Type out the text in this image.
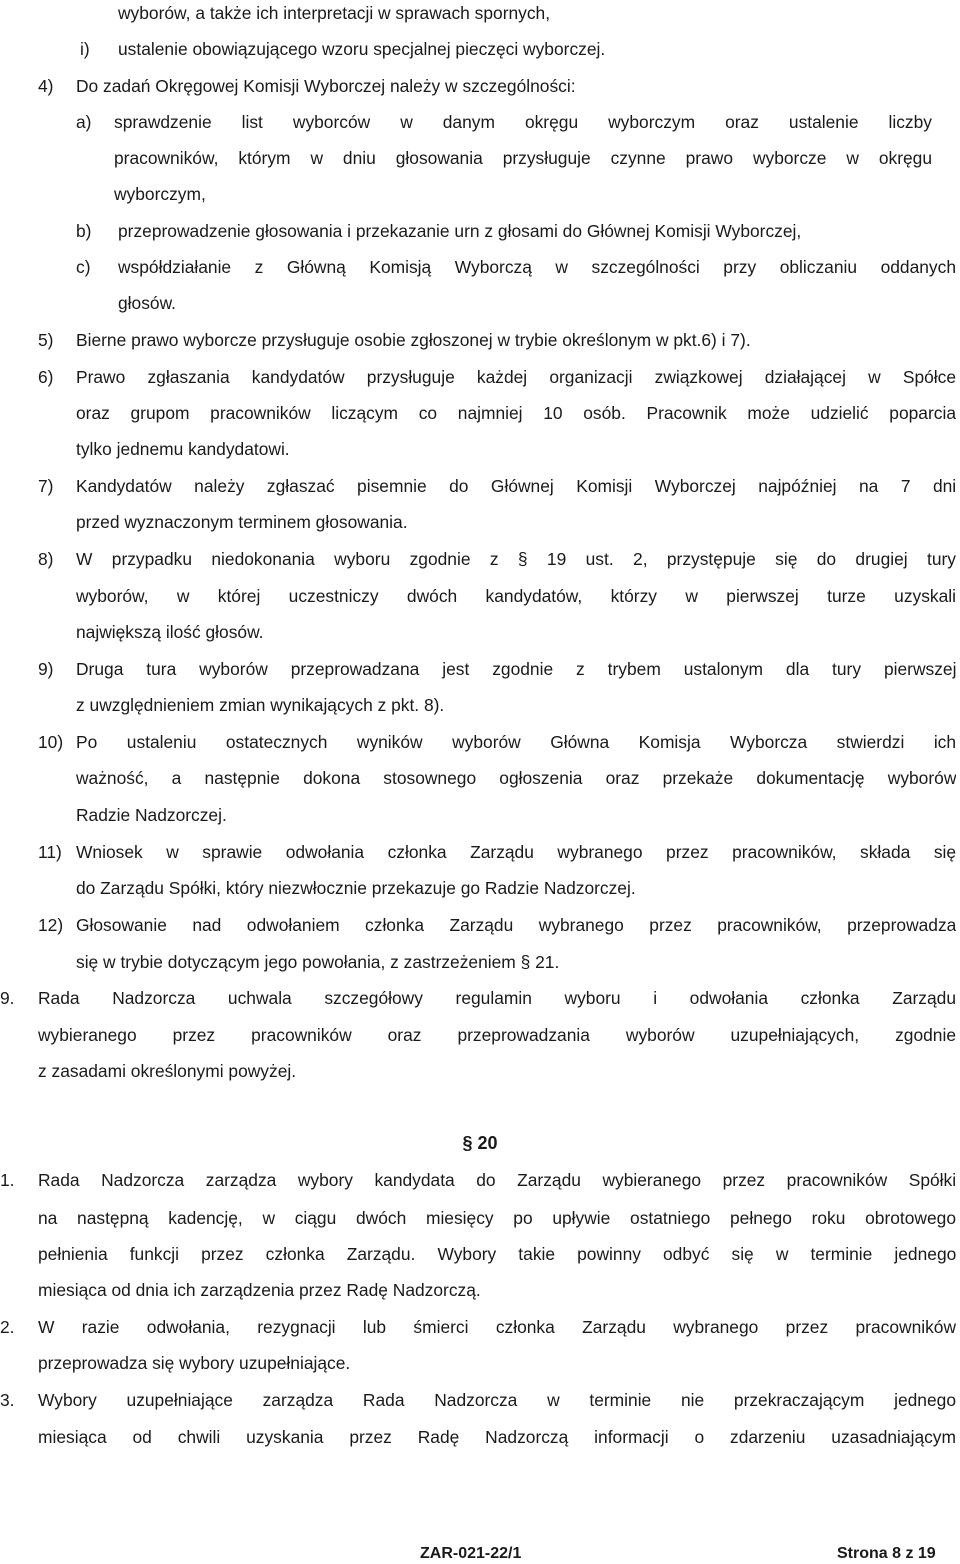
wyborów, a także ich interpretacji w sprawach spornych,
i) ustalenie obowiązującego wzoru specjalnej pieczęci wyborczej.
4) Do zadań Okręgowej Komisji Wyborczej należy w szczególności:
a) sprawdzenie list wyborców w danym okręgu wyborczym oraz ustalenie liczby
pracowników, którym w dniu głosowania przysługuje czynne prawo wyborcze w okręgu
wyborczym,
b) przeprowadzenie głosowania i przekazanie urn z głosami do Głównej Komisji Wyborczej,
c) współdziałanie z Główną Komisją Wyborczą w szczególności przy obliczaniu oddanych
głosów.
5) Bierne prawo wyborcze przysługuje osobie zgłoszonej w trybie określonym w pkt.6) i 7).
6) Prawo zgłaszania kandydatów przysługuje każdej organizacji związkowej działającej w Spółce
oraz grupom pracowników liczącym co najmniej 10 osób. Pracownik może udzielić poparcia
tylko jednemu kandydatowi.
7) Kandydatów należy zgłaszać pisemnie do Głównej Komisji Wyborczej najpóźniej na 7 dni
przed wyznaczonym terminem głosowania.
8) W przypadku niedokonania wyboru zgodnie z § 19 ust. 2, przystępuje się do drugiej tury
wyborów, w której uczestniczy dwóch kandydatów, którzy w pierwszej turze uzyskali
największą ilość głosów.
9) Druga tura wyborów przeprowadzana jest zgodnie z trybem ustalonym dla tury pierwszej
z uwzględnieniem zmian wynikających z pkt. 8).
10) Po ustaleniu ostatecznych wyników wyborów Główna Komisja Wyborcza stwierdzi ich
ważność, a następnie dokona stosownego ogłoszenia oraz przekaże dokumentację wyborów
Radzie Nadzorczej.
11) Wniosek w sprawie odwołania członka Zarządu wybranego przez pracowników, składa się
do Zarządu Spółki, który niezwłocznie przekazuje go Radzie Nadzorczej.
12) Głosowanie nad odwołaniem członka Zarządu wybranego przez pracowników, przeprowadza
się w trybie dotyczącym jego powołania, z zastrzeżeniem § 21.
9. Rada Nadzorcza uchwala szczegółowy regulamin wyboru i odwołania członka Zarządu
wybieranego przez pracowników oraz przeprowadzania wyborów uzupełniających, zgodnie
z zasadami określonymi powyżej.
§ 20
1. Rada Nadzorcza zarządza wybory kandydata do Zarządu wybieranego przez pracowników Spółki
na następną kadencję, w ciągu dwóch miesięcy po upływie ostatniego pełnego roku obrotowego
pełnienia funkcji przez członka Zarządu. Wybory takie powinny odbyć się w terminie jednego
miesiąca od dnia ich zarządzenia przez Radę Nadzorczą.
2. W razie odwołania, rezygnacji lub śmierci członka Zarządu wybranego przez pracowników
przeprowadza się wybory uzupełniające.
3. Wybory uzupełniające zarządza Rada Nadzorcza w terminie nie przekraczającym jednego
miesiąca od chwili uzyskania przez Radę Nadzorczą informacji o zdarzeniu uzasadniającym
ZAR-021-22/1	Strona 8 z 19
